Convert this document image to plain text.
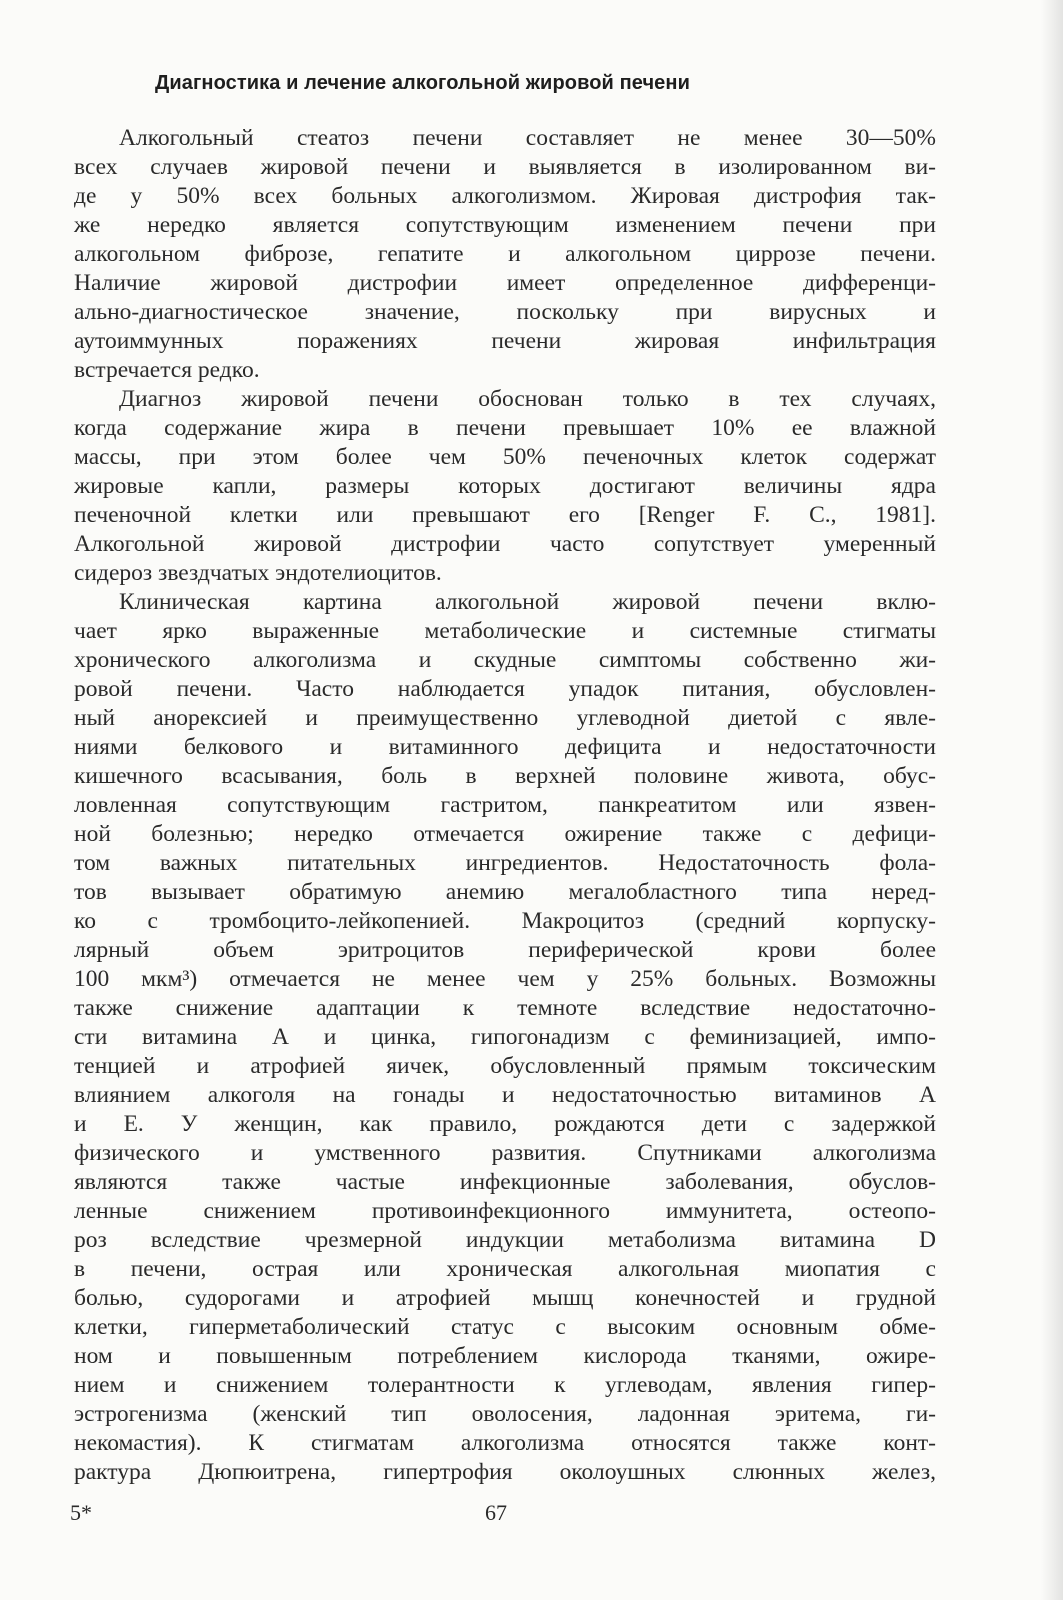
Диагностика и лечение алкогольной жировой печени
Алкогольный стеатоз печени составляет не менее 30—50%
всех случаев жировой печени и выявляется в изолированном ви-
де у 50% всех больных алкоголизмом. Жировая дистрофия так-
же нередко является сопутствующим изменением печени при
алкогольном фиброзе, гепатите и алкогольном циррозе печени.
Наличие жировой дистрофии имеет определенное дифференци-
ально-диагностическое значение, поскольку при вирусных и
аутоиммунных поражениях печени жировая инфильтрация
встречается редко.
Диагноз жировой печени обоснован только в тех случаях,
когда содержание жира в печени превышает 10% ее влажной
массы, при этом более чем 50% печеночных клеток содержат
жировые капли, размеры которых достигают величины ядра
печеночной клетки или превышают его [Renger F. C., 1981].
Алкогольной жировой дистрофии часто сопутствует умеренный
сидероз звездчатых эндотелиоцитов.
Клиническая картина алкогольной жировой печени вклю-
чает ярко выраженные метаболические и системные стигматы
хронического алкоголизма и скудные симптомы собственно жи-
ровой печени. Часто наблюдается упадок питания, обусловлен-
ный анорексией и преимущественно углеводной диетой с явле-
ниями белкового и витаминного дефицита и недостаточности
кишечного всасывания, боль в верхней половине живота, обус-
ловленная сопутствующим гастритом, панкреатитом или язвен-
ной болезнью; нередко отмечается ожирение также с дефици-
том важных питательных ингредиентов. Недостаточность фола-
тов вызывает обратимую анемию мегалобластного типа неред-
ко с тромбоцито-лейкопенией. Макроцитоз (средний корпуску-
лярный объем эритроцитов периферической крови более
100 мкм³) отмечается не менее чем у 25% больных. Возможны
также снижение адаптации к темноте вследствие недостаточно-
сти витамина А и цинка, гипогонадизм с феминизацией, импо-
тенцией и атрофией яичек, обусловленный прямым токсическим
влиянием алкоголя на гонады и недостаточностью витаминов А
и Е. У женщин, как правило, рождаются дети с задержкой
физического и умственного развития. Спутниками алкоголизма
являются также частые инфекционные заболевания, обуслов-
ленные снижением противоинфекционного иммунитета, остеопо-
роз вследствие чрезмерной индукции метаболизма витамина D
в печени, острая или хроническая алкогольная миопатия с
болью, судорогами и атрофией мышц конечностей и грудной
клетки, гиперметаболический статус с высоким основным обме-
ном и повышенным потреблением кислорода тканями, ожире-
нием и снижением толерантности к углеводам, явления гипер-
эстрогенизма (женский тип оволосения, ладонная эритема, ги-
некомастия). К стигматам алкоголизма относятся также конт-
рактура Дюпюитрена, гипертрофия околоушных слюнных желез,
5*	67
